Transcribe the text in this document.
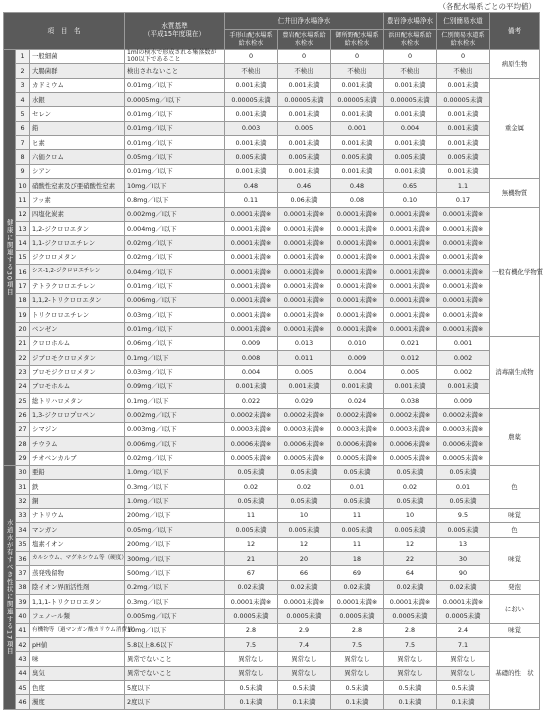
（各配水場系ごとの平均値）
項　目　名			水質基準
（平成15年度現在）	仁井田浄水場浄水			豊岩浄水場浄水	仁別簡易水道	備考
				手形山配水場系給水栓水	豊岩配水場系給水栓水	御所野配水場系給水栓水	浜田配水場系給水栓水	仁別簡易水道系給水栓水	
健康に関連する30項目	1	一般細菌	1mlの検水で形成される集落数が100以下であること	0	0	0	0	0	病原生物
	2	大腸菌群	検出されないこと	不検出	不検出	不検出	不検出	不検出	
	3	カドミウム	0.01mg／l以下	0.001未満	0.001未満	0.001未満	0.001未満	0.001未満	重金属
	4	水銀	0.0005mg／l以下	0.00005未満	0.00005未満	0.00005未満	0.00005未満	0.00005未満	
	5	セレン	0.01mg／l以下	0.001未満	0.001未満	0.001未満	0.001未満	0.001未満	
	6	鉛	0.01mg／l以下	0.003	0.005	0.001	0.004	0.001未満	
	7	ヒ素	0.01mg／l以下	0.001未満	0.001未満	0.001未満	0.001未満	0.001未満	
	8	六価クロム	0.05mg／l以下	0.005未満	0.005未満	0.005未満	0.005未満	0.005未満	
	9	シアン	0.01mg／l以下	0.001未満	0.001未満	0.001未満	0.001未満	0.001未満	
	10	硝酸性窒素及び亜硝酸性窒素	10mg／l以下	0.48	0.46	0.48	0.65	1.1	無機物質
	11	フッ素	0.8mg／l以下	0.11	0.06未満	0.08	0.10	0.17	
	12	四塩化炭素	0.002mg／l以下	0.0001未満※	0.0001未満※	0.0001未満※	0.0001未満※	0.0001未満※	一般有機化学物質
	13	1,2-ジクロロエタン	0.004mg／l以下	0.0001未満※	0.0001未満※	0.0001未満※	0.0001未満※	0.0001未満※	
	14	1,1-ジクロロエチレン	0.02mg／l以下	0.0001未満※	0.0001未満※	0.0001未満※	0.0001未満※	0.0001未満※	
	15	ジクロロメタン	0.02mg／l以下	0.0001未満※	0.0001未満※	0.0001未満※	0.0001未満※	0.0001未満※	
	16	シス-1,2-ジクロロエチレン	0.04mg／l以下	0.0001未満※	0.0001未満※	0.0001未満※	0.0001未満※	0.0001未満※	
	17	テトラクロロエチレン	0.01mg／l以下	0.0001未満※	0.0001未満※	0.0001未満※	0.0001未満※	0.0001未満※	
	18	1,1,2-トリクロロエタン	0.006mg／l以下	0.0001未満※	0.0001未満※	0.0001未満※	0.0001未満※	0.0001未満※	
	19	トリクロロエチレン	0.03mg／l以下	0.0001未満※	0.0001未満※	0.0001未満※	0.0001未満※	0.0001未満※	
	20	ベンゼン	0.01mg／l以下	0.0001未満※	0.0001未満※	0.0001未満※	0.0001未満※	0.0001未満※	
	21	クロロホルム	0.06mg／l以下	0.009	0.013	0.010	0.021	0.001	消毒副生成物
	22	ジブロモクロロメタン	0.1mg／l以下	0.008	0.011	0.009	0.012	0.002	
	23	ブロモジクロロメタン	0.03mg／l以下	0.004	0.005	0.004	0.005	0.002	
	24	ブロモホルム	0.09mg／l以下	0.001未満	0.001未満	0.001未満	0.001未満	0.001未満	
	25	総トリハロメタン	0.1mg／l以下	0.022	0.029	0.024	0.038	0.009	
	26	1,3-ジクロロプロペン	0.002mg／l以下	0.0002未満※	0.0002未満※	0.0002未満※	0.0002未満※	0.0002未満※	農薬
	27	シマジン	0.003mg／l以下	0.0003未満※	0.0003未満※	0.0003未満※	0.0003未満※	0.0003未満※	
	28	チウラム	0.006mg／l以下	0.0006未満※	0.0006未満※	0.0006未満※	0.0006未満※	0.0006未満※	
	29	チオベンカルブ	0.02mg／l以下	0.0005未満※	0.0005未満※	0.0005未満※	0.0005未満※	0.0005未満※	
水道水が有すべき性状に関連する17項目	30	亜鉛	1.0mg／l以下	0.05未満	0.05未満	0.05未満	0.05未満	0.05未満	色
	31	鉄	0.3mg／l以下	0.02	0.02	0.01	0.02	0.01	
	32	銅	1.0mg／l以下	0.05未満	0.05未満	0.05未満	0.05未満	0.05未満	
	33	ナトリウム	200mg／l以下	11	10	11	10	9.5	味覚
	34	マンガン	0.05mg／l以下	0.005未満	0.005未満	0.005未満	0.005未満	0.005未満	色
	35	塩素イオン	200mg／l以下	12	12	11	12	13	味覚
	36	カルシウム、マグネシウム等（硬度）	300mg／l以下	21	20	18	22	30	
	37	蒸発残留物	500mg／l以下	67	66	69	64	90	
	38	陰イオン界面活性剤	0.2mg／l以下	0.02未満	0.02未満	0.02未満	0.02未満	0.02未満	発泡
	39	1,1,1-トリクロロエタン	0.3mg／l以下	0.0001未満※	0.0001未満※	0.0001未満※	0.0001未満※	0.0001未満※	におい
	40	フェノール類	0.005mg／l以下	0.0005未満	0.0005未満	0.0005未満	0.0005未満	0.0005未満	
	41	有機物等（過マンガン酸カリウム消費量）	10mg／l以下	2.8	2.9	2.8	2.8	2.4	味覚
	42	pH値	5.8以上8.6以下	7.5	7.4	7.5	7.5	7.1	基礎的性　状
	43	味	異常でないこと	異常なし	異常なし	異常なし	異常なし	異常なし	
	44	臭気	異常でないこと	異常なし	異常なし	異常なし	異常なし	異常なし	
	45	色度	5度以下	0.5未満	0.5未満	0.5未満	0.5未満	0.5未満	
	46	濁度	2度以下	0.1未満	0.1未満	0.1未満	0.1未満	0.1未満	
